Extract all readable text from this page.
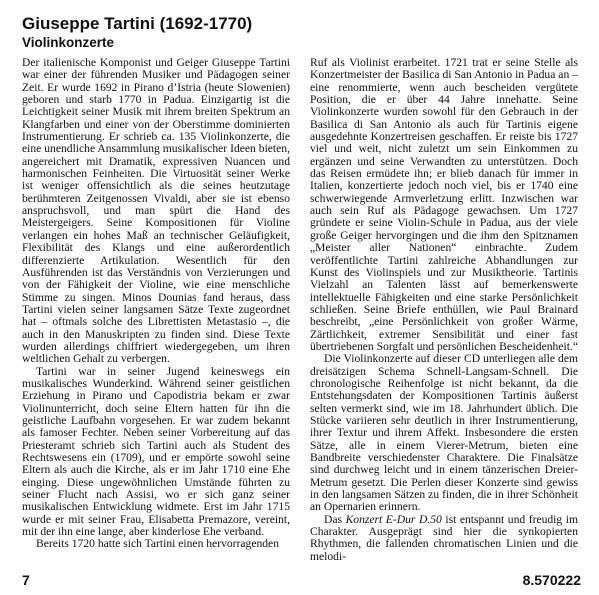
Giuseppe Tartini (1692-1770)
Violinkonzerte

Der italienische Komponist und Geiger Giuseppe Tartini war einer der führenden Musiker und Pädagogen seiner Zeit. Er wurde 1692 in Pirano d’Istria (heute Slowenien) geboren und starb 1770 in Padua. Einzigartig ist die Leichtigkeit seiner Musik mit ihrem breiten Spektrum an Klangfarben und einer von der Oberstimme dominierten Instrumentierung. Er schrieb ca. 135 Violinkonzerte, die eine unendliche Ansammlung musikalischer Ideen bieten, angereichert mit Dramatik, expressiven Nuancen und harmonischen Feinheiten. Die Virtuosität seiner Werke ist weniger offensichtlich als die seines heutzutage berühmteren Zeitgenossen Vivaldi, aber sie ist ebenso anspruchsvoll, und man spürt die Hand des Meistergeigers. Seine Kompositionen für Violine verlangen ein hohes Maß an technischer Geläufigkeit, Flexibilität des Klangs und eine außerordentlich differenzierte Artikulation. Wesentlich für den Ausführenden ist das Verständnis von Verzierungen und von der Fähigkeit der Violine, wie eine menschliche Stimme zu singen. Minos Dounias fand heraus, dass Tartini vielen seiner langsamen Sätze Texte zugeordnet hat – oftmals solche des Librettisten Metastasio –, die auch in den Manuskripten zu finden sind. Diese Texte wurden allerdings chiffriert wiedergegeben, um ihren weltlichen Gehalt zu verbergen.

Tartini war in seiner Jugend keineswegs ein musikalisches Wunderkind. Während seiner geistlichen Erziehung in Pirano und Capodistria bekam er zwar Violinunterricht, doch seine Eltern hatten für ihn die geistliche Laufbahn vorgesehen. Er war zudem bekannt als famoser Fechter. Neben seiner Vorbereitung auf das Priesteramt schrieb sich Tartini auch als Student des Rechtswesens ein (1709), und er empörte sowohl seine Eltern als auch die Kirche, als er im Jahr 1710 eine Ehe einging. Diese ungewöhnlichen Umstände führten zu seiner Flucht nach Assisi, wo er sich ganz seiner musikalischen Entwicklung widmete. Erst im Jahr 1715 wurde er mit seiner Frau, Elisabetta Premazore, vereint, mit der ihn eine lange, aber kinderlose Ehe verband.

Bereits 1720 hatte sich Tartini einen hervorragenden

Ruf als Violinist erarbeitet. 1721 trat er seine Stelle als Konzertmeister der Basilica di San Antonio in Padua an – eine renommierte, wenn auch bescheiden vergütete Position, die er über 44 Jahre innehatte. Seine Violinkonzerte wurden sowohl für den Gebrauch in der Basilica di San Antonio als auch für Tartinis eigene ausgedehnte Konzertreisen geschaffen. Er reiste bis 1727 viel und weit, nicht zuletzt um sein Einkommen zu ergänzen und seine Verwandten zu unterstützen. Doch das Reisen ermüdete ihn; er blieb danach für immer in Italien, konzertierte jedoch noch viel, bis er 1740 eine schwerwiegende Armverletzung erlitt. Inzwischen war auch sein Ruf als Pädagoge gewachsen. Um 1727 gründete er seine Violin-Schule in Padua, aus der viele große Geiger hervorgingen und die ihm den Spitznamen „Meister aller Nationen“ einbrachte. Zudem veröffentlichte Tartini zahlreiche Abhandlungen zur Kunst des Violinspiels und zur Musiktheorie. Tartinis Vielzahl an Talenten lässt auf bemerkenswerte intellektuelle Fähigkeiten und eine starke Persönlichkeit schließen. Seine Briefe enthüllen, wie Paul Brainard beschreibt, „eine Persönlichkeit von großer Wärme, Zärtlichkeit, extremer Sensibilität und einer fast übertriebenen Sorgfalt und persönlichen Bescheidenheit.“

Die Violinkonzerte auf dieser CD unterliegen alle dem dreisätzigen Schema Schnell-Langsam-Schnell. Die chronologische Reihenfolge ist nicht bekannt, da die Entstehungsdaten der Kompositionen Tartinis äußerst selten vermerkt sind, wie im 18. Jahrhundert üblich. Die Stücke variieren sehr deutlich in ihrer Instrumentierung, ihrer Textur und ihrem Affekt. Insbesondere die ersten Sätze, alle in einem Vierer-Metrum, bieten eine Bandbreite verschiedenster Charaktere. Die Finalsätze sind durchweg leicht und in einem tänzerischen Dreier-Metrum gesetzt. Die Perlen dieser Konzerte sind gewiss in den langsamen Sätzen zu finden, die in ihrer Schönheit an Opernarien erinnern.

Das Konzert E-Dur D.50 ist entspannt und freudig im Charakter. Ausgeprägt sind hier die synkopierten Rhythmen, die fallenden chromatischen Linien und die melodi-

7	8.570222
